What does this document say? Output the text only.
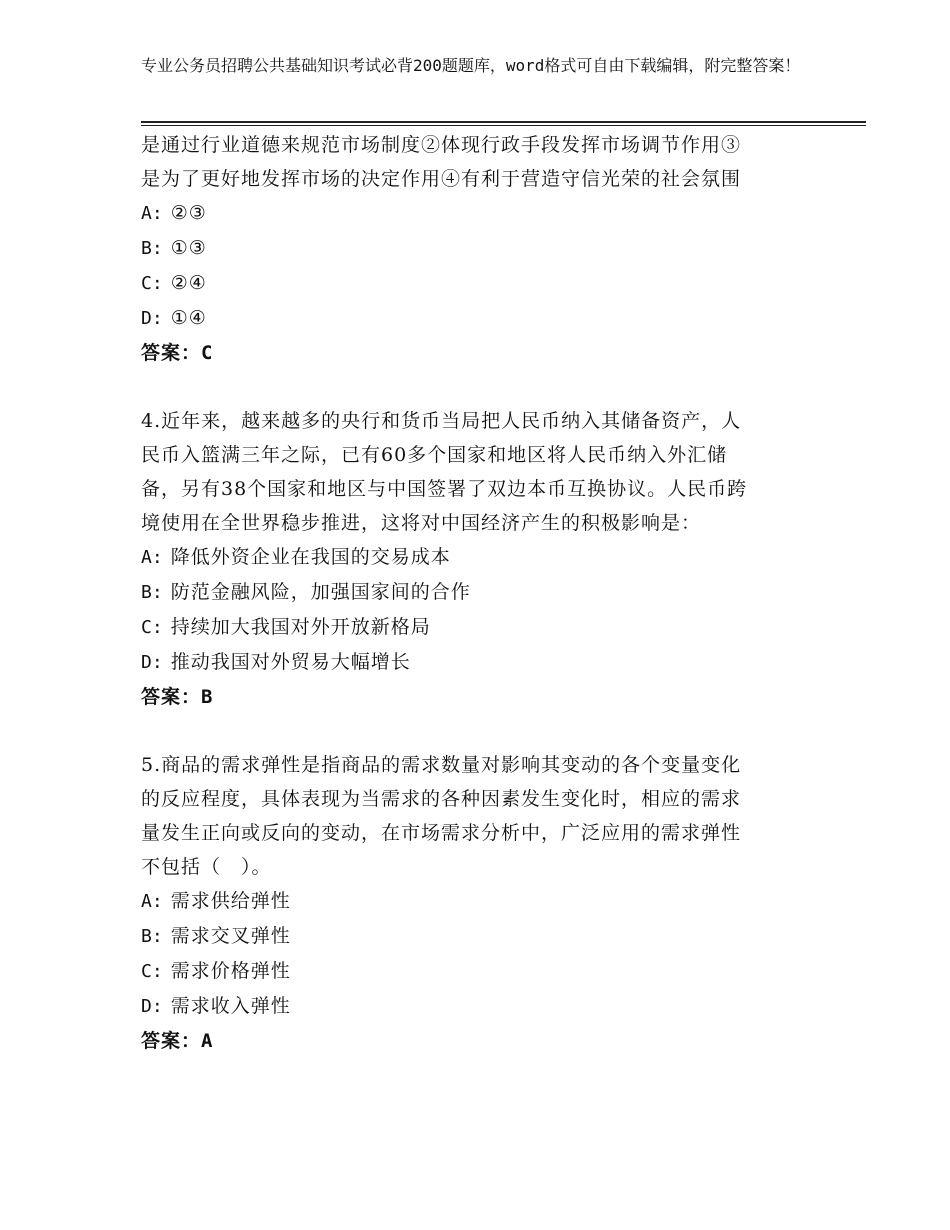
专业公务员招聘公共基础知识考试必背200题题库，word格式可自由下载编辑，附完整答案！

是通过行业道德来规范市场制度②体现行政手段发挥市场调节作用③

是为了更好地发挥市场的决定作用④有利于营造守信光荣的社会氛围

A: ②③

B: ①③

C: ②④

D: ①④

答案：C

4.近年来，越来越多的央行和货币当局把人民币纳入其储备资产，人

民币入篮满三年之际，已有60多个国家和地区将人民币纳入外汇储

备，另有38个国家和地区与中国签署了双边本币互换协议。人民币跨

境使用在全世界稳步推进，这将对中国经济产生的积极影响是：

A: 降低外资企业在我国的交易成本

B: 防范金融风险，加强国家间的合作

C: 持续加大我国对外开放新格局

D: 推动我国对外贸易大幅增长

答案：B

5.商品的需求弹性是指商品的需求数量对影响其变动的各个变量变化

的反应程度，具体表现为当需求的各种因素发生变化时，相应的需求

量发生正向或反向的变动，在市场需求分析中，广泛应用的需求弹性

不包括（　）。

A: 需求供给弹性

B: 需求交叉弹性

C: 需求价格弹性

D: 需求收入弹性

答案：A
